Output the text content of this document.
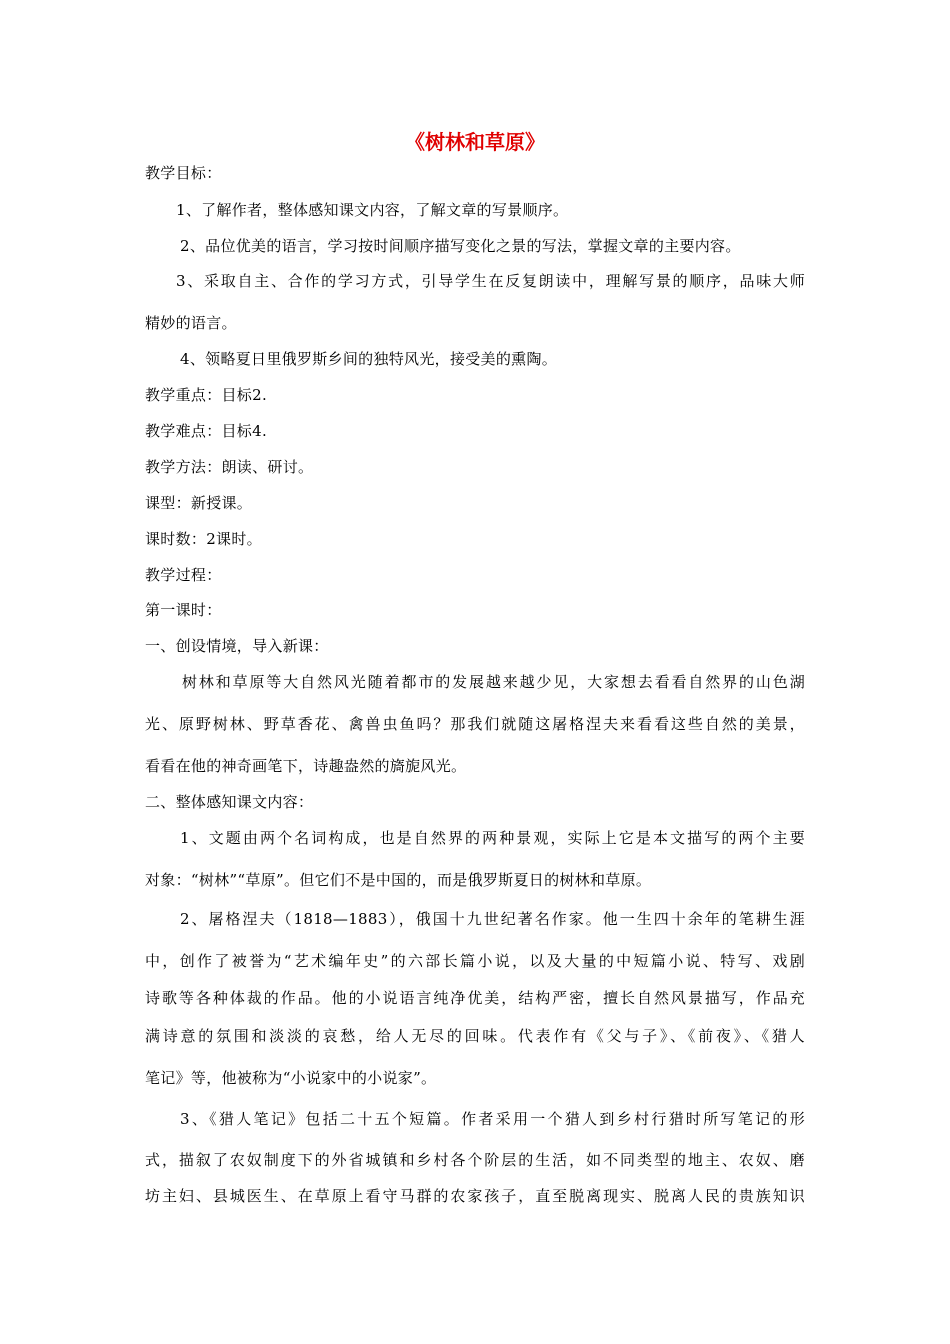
《树林和草原》
教学目标：
1、了解作者，整体感知课文内容，了解文章的写景顺序。
2、品位优美的语言，学习按时间顺序描写变化之景的写法，掌握文章的主要内容。
3、采取自主、合作的学习方式，引导学生在反复朗读中，理解写景的顺序，品味大师
精妙的语言。
4、领略夏日里俄罗斯乡间的独特风光，接受美的熏陶。
教学重点：目标2.
教学难点：目标4.
教学方法：朗读、研讨。
课型：新授课。
课时数：2课时。
教学过程：
第一课时：
一、创设情境，导入新课：
树林和草原等大自然风光随着都市的发展越来越少见，大家想去看看自然界的山色湖
光、原野树林、野草香花、禽兽虫鱼吗？那我们就随这屠格涅夫来看看这些自然的美景，
看看在他的神奇画笔下，诗趣盎然的旖旎风光。
二、整体感知课文内容：
1、文题由两个名词构成，也是自然界的两种景观，实际上它是本文描写的两个主要
对象：“树林”“草原”。但它们不是中国的，而是俄罗斯夏日的树林和草原。
2、屠格涅夫（1818—1883），俄国十九世纪著名作家。他一生四十余年的笔耕生涯
中，创作了被誉为“艺术编年史”的六部长篇小说，以及大量的中短篇小说、特写、戏剧
诗歌等各种体裁的作品。他的小说语言纯净优美，结构严密，擅长自然风景描写，作品充
满诗意的氛围和淡淡的哀愁，给人无尽的回味。代表作有《父与子》、《前夜》、《猎人
笔记》等，他被称为“小说家中的小说家”。
3、《猎人笔记》包括二十五个短篇。作者采用一个猎人到乡村行猎时所写笔记的形
式，描叙了农奴制度下的外省城镇和乡村各个阶层的生活，如不同类型的地主、农奴、磨
坊主妇、县城医生、在草原上看守马群的农家孩子，直至脱离现实、脱离人民的贵族知识
